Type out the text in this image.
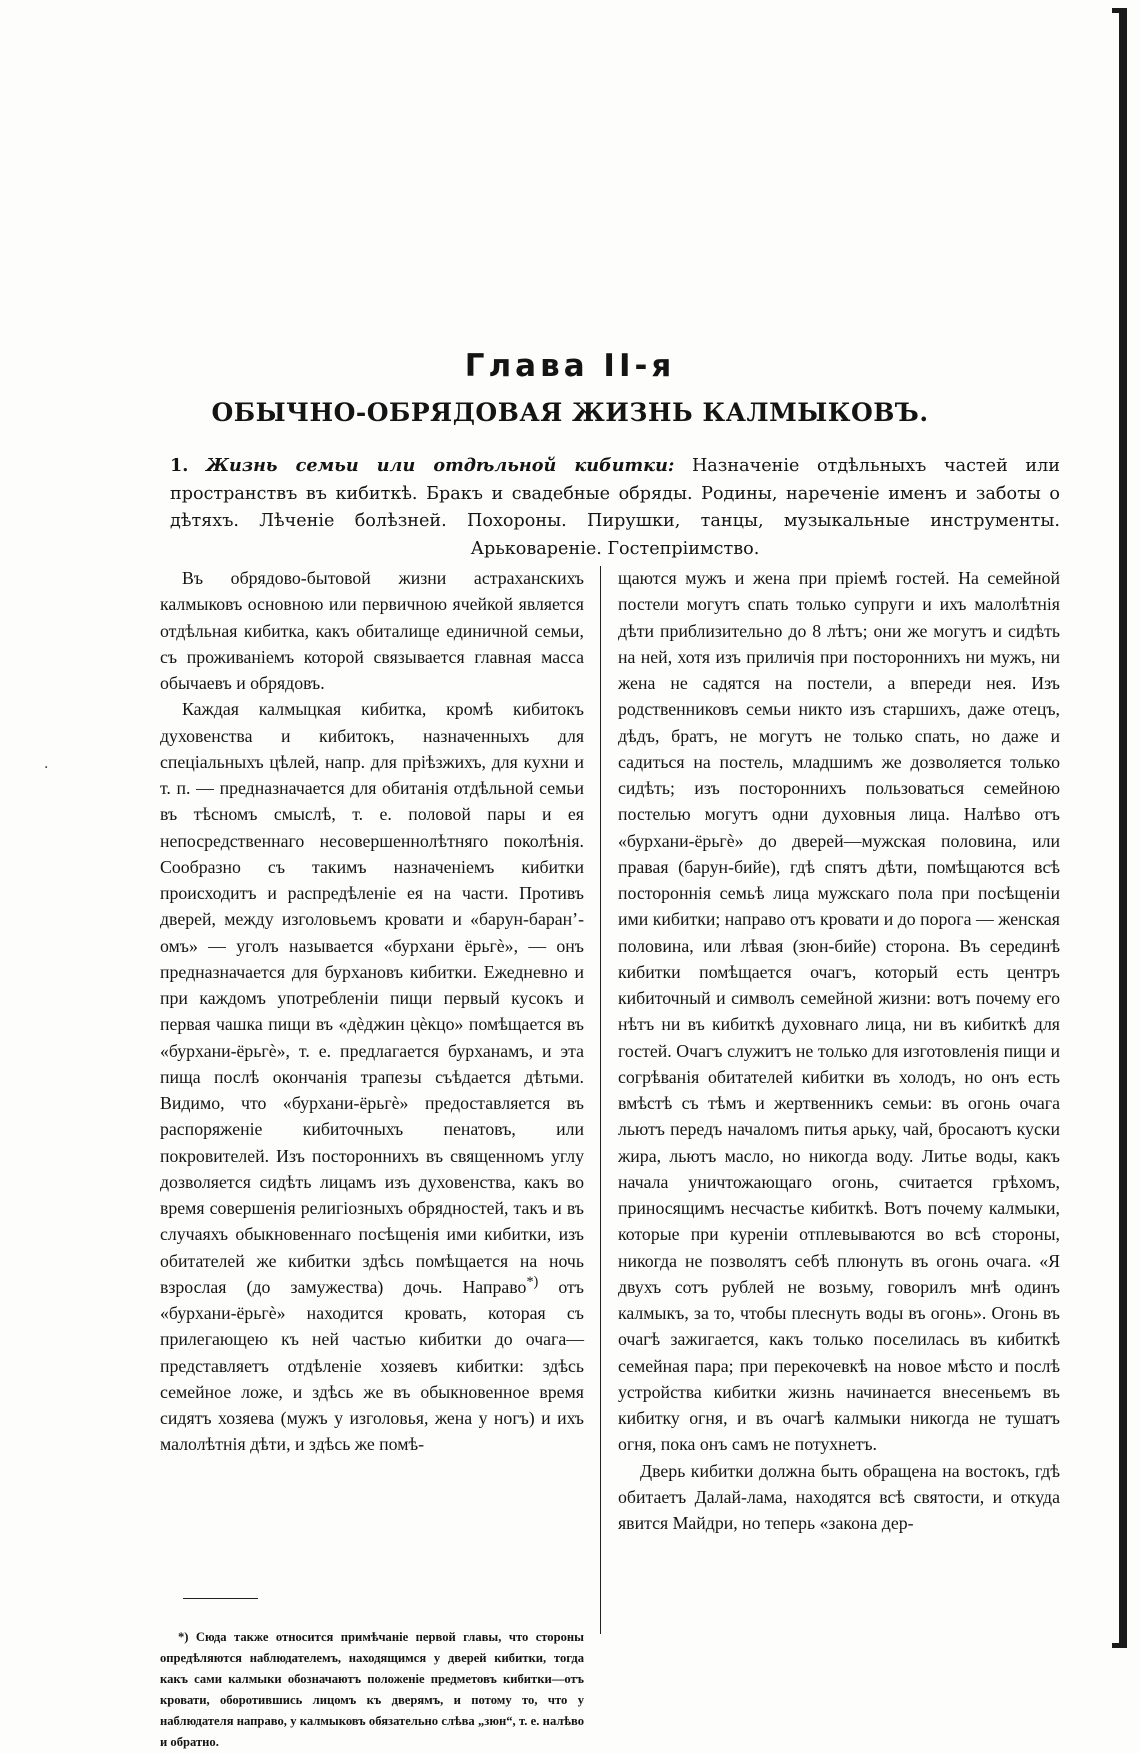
·
Глава II-я
ОБЫЧНО-ОБРЯДОВАЯ ЖИЗНЬ КАЛМЫКОВЪ.

1. Жизнь семьи или отдѣльной кибитки: Назначеніе отдѣльныхъ частей или пространствъ въ кибиткѣ. Бракъ и свадебные обряды. Родины, нареченіе именъ и заботы о дѣтяхъ. Лѣченіе болѣзней. Похороны. Пирушки, танцы, музыкальные инструменты. Арьковареніе. Гостепріимство.

Въ обрядово-бытовой жизни астраханскихъ калмыковъ основною или первичною ячейкой является отдѣльная кибитка, какъ обиталище единичной семьи, съ проживаніемъ которой связывается главная масса обычаевъ и обрядовъ.

Каждая калмыцкая кибитка, кромѣ кибитокъ духовенства и кибитокъ, назначенныхъ для спеціальныхъ цѣлей, напр. для пріѣзжихъ, для кухни и т. п. — предназначается для обитанія отдѣльной семьи въ тѣсномъ смыслѣ, т. е. половой пары и ея непосредственнаго несовершеннолѣтняго поколѣнія. Сообразно съ такимъ назначеніемъ кибитки происходитъ и распредѣленіе ея на части. Противъ дверей, между изголовьемъ кровати и «барун-баран’-омъ» — уголъ называется «бурхани ёрьгѐ», — онъ предназначается для бурхановъ кибитки. Ежедневно и при каждомъ употребленіи пищи первый кусокъ и первая чашка пищи въ «дѐджин цѐкцо» помѣщается въ «бурхани-ёрьгѐ», т. е. предлагается бурханамъ, и эта пища послѣ окончанія трапезы съѣдается дѣтьми. Видимо, что «бурхани-ёрьгѐ» предоставляется въ распоряженіе кибиточныхъ пенатовъ, или покровителей. Изъ постороннихъ въ священномъ углу дозволяется сидѣть лицамъ изъ духовенства, какъ во время совершенія религіозныхъ обрядностей, такъ и въ случаяхъ обыкновеннаго посѣщенія ими кибитки, изъ обитателей же кибитки здѣсь помѣщается на ночь взрослая (до замужества) дочь. Направо*) отъ «бурхани-ёрьгѐ» находится кровать, которая съ прилегающею къ ней частью кибитки до очага—представляетъ отдѣленіе хозяевъ кибитки: здѣсь семейное ложе, и здѣсь же въ обыкновенное время сидятъ хозяева (мужъ у изголовья, жена у ногъ) и ихъ малолѣтнія дѣти, и здѣсь же помѣ-

щаются мужъ и жена при пріемѣ гостей. На семейной постели могутъ спать только супруги и ихъ малолѣтнія дѣти приблизительно до 8 лѣтъ; они же могутъ и сидѣть на ней, хотя изъ приличія при постороннихъ ни мужъ, ни жена не садятся на постели, а впереди нея. Изъ родственниковъ семьи никто изъ старшихъ, даже отецъ, дѣдъ, братъ, не могутъ не только спать, но даже и садиться на постель, младшимъ же дозволяется только сидѣть; изъ постороннихъ пользоваться семейною постелью могутъ одни духовныя лица. Налѣво отъ «бурхани-ёрьгѐ» до дверей—мужская половина, или правая (барун-бийе), гдѣ спятъ дѣти, помѣщаются всѣ постороннія семьѣ лица мужскаго пола при посѣщеніи ими кибитки; направо отъ кровати и до порога — женская половина, или лѣвая (зюн-бийе) сторона. Въ серединѣ кибитки помѣщается очагъ, который есть центръ кибиточный и символъ семейной жизни: вотъ почему его нѣтъ ни въ кибиткѣ духовнаго лица, ни въ кибиткѣ для гостей. Очагъ служитъ не только для изготовленія пищи и согрѣванія обитателей кибитки въ холодъ, но онъ есть вмѣстѣ съ тѣмъ и жертвенникъ семьи: въ огонь очага льютъ передъ началомъ питья арьку, чай, бросаютъ куски жира, льютъ масло, но никогда воду. Литье воды, какъ начала уничтожающаго огонь, считается грѣхомъ, приносящимъ несчастье кибиткѣ. Вотъ почему калмыки, которые при куреніи отплевываются во всѣ стороны, никогда не позволятъ себѣ плюнуть въ огонь очага. «Я двухъ сотъ рублей не возьму, говорилъ мнѣ одинъ калмыкъ, за то, чтобы плеснуть воды въ огонь». Огонь въ очагѣ зажигается, какъ только поселилась въ кибиткѣ семейная пара; при перекочевкѣ на новое мѣсто и послѣ устройства кибитки жизнь начинается внесеньемъ въ кибитку огня, и въ очагѣ калмыки никогда не тушатъ огня, пока онъ самъ не потухнетъ.

Дверь кибитки должна быть обращена на востокъ, гдѣ обитаетъ Далай-лама, находятся всѣ святости, и откуда явится Майдри, но теперь «закона дер-

*) Сюда также относится примѣчаніе первой главы, что стороны опредѣляются наблюдателемъ, находящимся у дверей кибитки, тогда какъ сами калмыки обозначаютъ положеніе предметовъ кибитки—отъ кровати, оборотившись лицомъ къ дверямъ, и потому то, что у наблюдателя направо, у калмыковъ обязательно слѣва „зюн“, т. е. налѣво и обратно.
